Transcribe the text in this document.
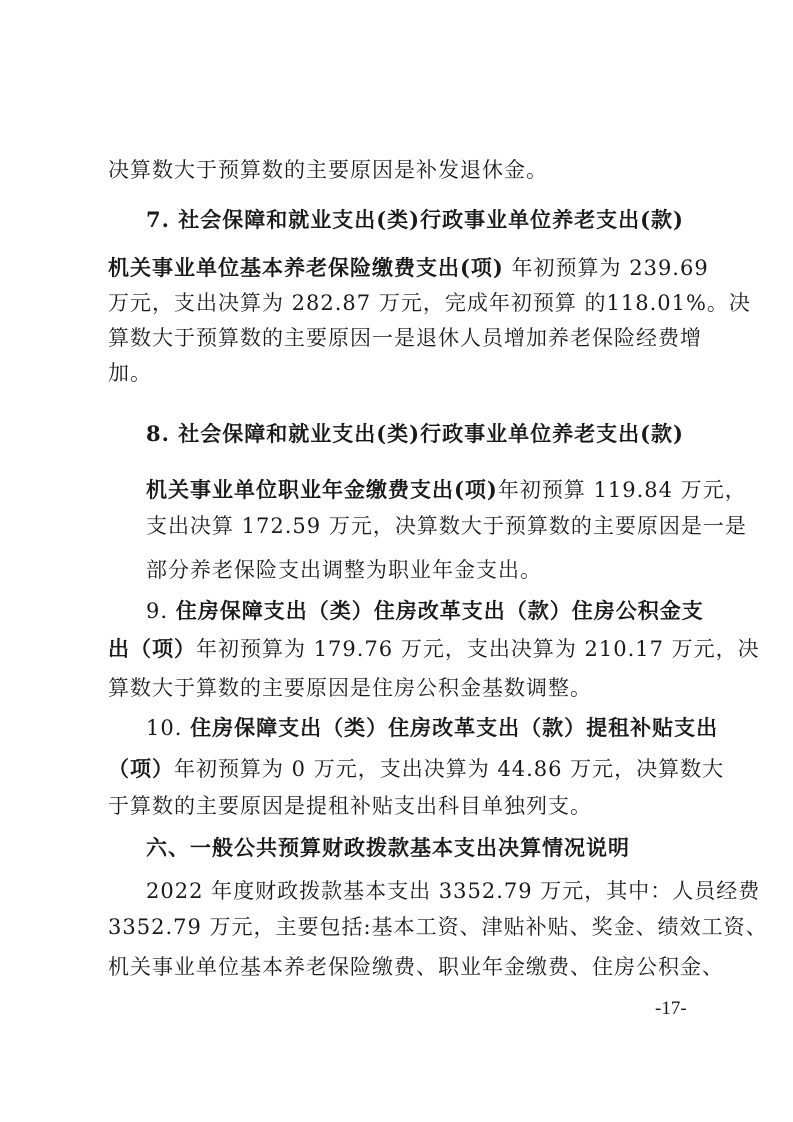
决算数大于预算数的主要原因是补发退休金。
7. 社会保障和就业支出(类)行政事业单位养老支出(款)
机关事业单位基本养老保险缴费支出(项) 年初预算为 239.69
万元，支出决算为 282.87 万元，完成年初预算 的118.01%。决
算数大于预算数的主要原因一是退休人员增加养老保险经费增
加。
8. 社会保障和就业支出(类)行政事业单位养老支出(款)
机关事业单位职业年金缴费支出(项)年初预算 119.84 万元，
支出决算 172.59 万元，决算数大于预算数的主要原因是一是
部分养老保险支出调整为职业年金支出。
9. 住房保障支出（类）住房改革支出（款）住房公积金支
出（项）年初预算为 179.76 万元，支出决算为 210.17 万元，决
算数大于算数的主要原因是住房公积金基数调整。
10. 住房保障支出（类）住房改革支出（款）提租补贴支出
（项）年初预算为 0 万元，支出决算为 44.86 万元，决算数大
于算数的主要原因是提租补贴支出科目单独列支。
六、一般公共预算财政拨款基本支出决算情况说明
2022 年度财政拨款基本支出 3352.79 万元，其中：人员经费
3352.79 万元，主要包括:基本工资、津贴补贴、奖金、绩效工资、
机关事业单位基本养老保险缴费、职业年金缴费、住房公积金、
-17-
